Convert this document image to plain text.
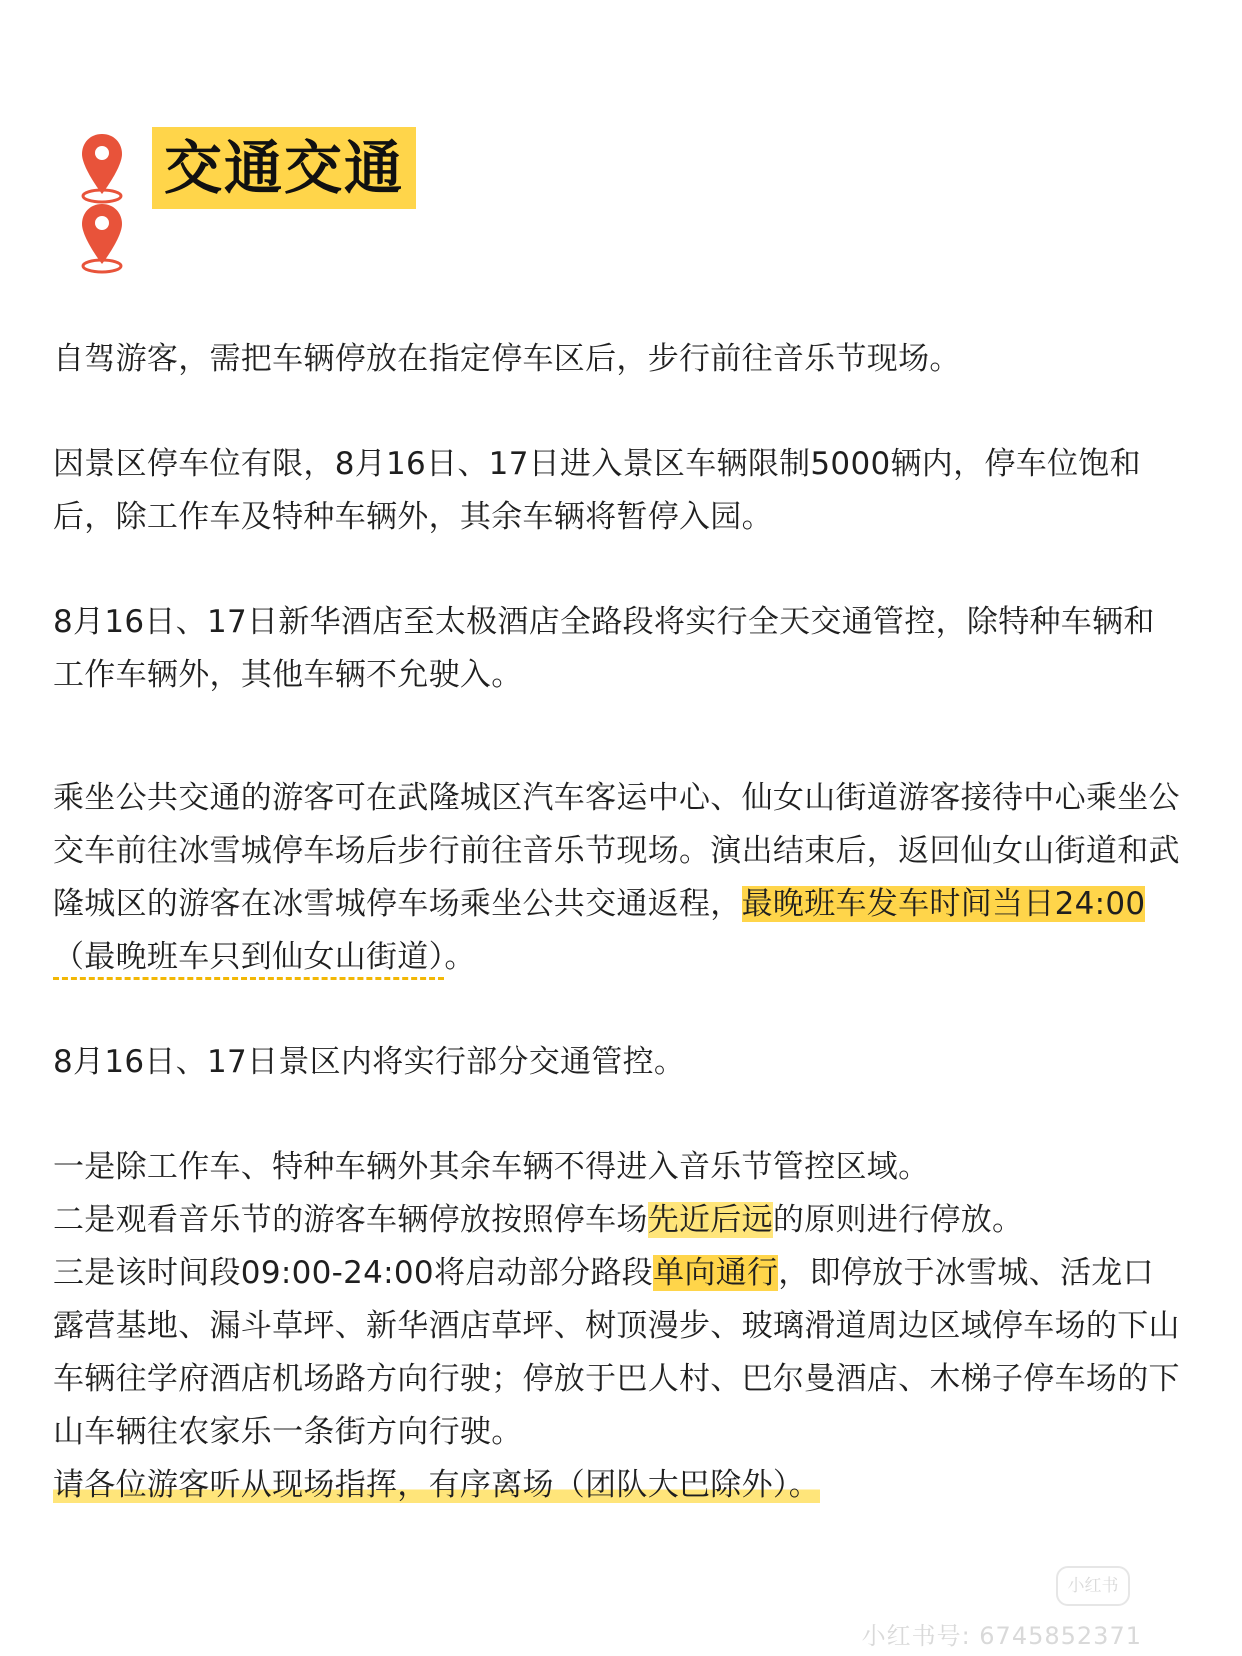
交通交通

自驾游客，需把车辆停放在指定停车区后，步行前往音乐节现场。

因景区停车位有限，8月16日、17日进入景区车辆限制5000辆内，停车位饱和后，除工作车及特种车辆外，其余车辆将暂停入园。

8月16日、17日新华酒店至太极酒店全路段将实行全天交通管控，除特种车辆和工作车辆外，其他车辆不允驶入。

乘坐公共交通的游客可在武隆城区汽车客运中心、仙女山街道游客接待中心乘坐公交车前往冰雪城停车场后步行前往音乐节现场。演出结束后，返回仙女山街道和武隆城区的游客在冰雪城停车场乘坐公共交通返程，最晚班车发车时间当日24:00（最晚班车只到仙女山街道）。

8月16日、17日景区内将实行部分交通管控。

一是除工作车、特种车辆外其余车辆不得进入音乐节管控区域。

二是观看音乐节的游客车辆停放按照停车场先近后远的原则进行停放。

三是该时间段09:00-24:00将启动部分路段单向通行，即停放于冰雪城、活龙口露营基地、漏斗草坪、新华酒店草坪、树顶漫步、玻璃滑道周边区域停车场的下山车辆往学府酒店机场路方向行驶；停放于巴人村、巴尔曼酒店、木梯子停车场的下山车辆往农家乐一条街方向行驶。

请各位游客听从现场指挥，有序离场（团队大巴除外）。

小红书
小红书号: 6745852371
